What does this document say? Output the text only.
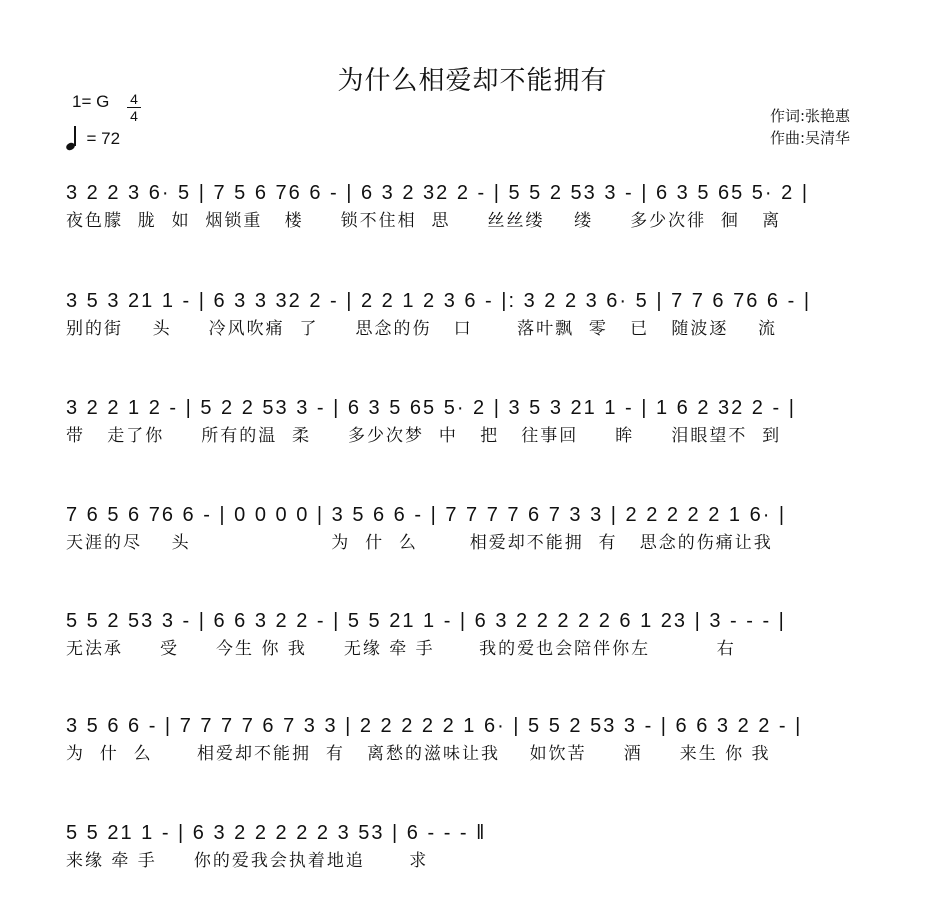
为什么相爱却不能拥有
1= G 4
4
= 72
作词:张艳惠
作曲:吴清华
3 2 2 3 6· 5 | 7 5 6 76 6 - | 6 3 2 32 2 - | 5 5 2 53 3 - | 6 3 5 65 5· 2 |
夜色朦  胧  如  烟锁重   楼     锁不住相  思     丝丝缕    缕     多少次徘  徊   离
3 5 3 21 1 - | 6 3 3 32 2 - | 2 2 1 2 3 6 - |: 3 2 2 3 6· 5 | 7 7 6 76 6 - |
别的街    头     冷风吹痛  了     思念的伤   口      落叶飘  零   已   随波逐    流
3 2 2 1 2 - | 5 2 2 53 3 - | 6 3 5 65 5· 2 | 3 5 3 21 1 - | 1 6 2 32 2 - |
带   走了你     所有的温  柔     多少次梦  中   把   往事回     眸     泪眼望不  到
7 6 5 6 76 6 - | 0 0 0 0 | 3 5 6 6 - | 7 7 7 7 6 7 3 3 | 2 2 2 2 2 1 6· |
天涯的尽    头                   为  什  么       相爱却不能拥  有   思念的伤痛让我
5 5 2 53 3 - | 6 6 3 2 2 - | 5 5 21 1 - | 6 3 2 2 2 2 2 6 1 23 | 3 - - - |
无法承     受     今生 你 我     无缘 牵 手      我的爱也会陪伴你左         右
3 5 6 6 - | 7 7 7 7 6 7 3 3 | 2 2 2 2 2 1 6· | 5 5 2 53 3 - | 6 6 3 2 2 - |
为  什  么      相爱却不能拥  有   离愁的滋味让我    如饮苦     酒     来生 你 我
5 5 21 1 - | 6 3 2 2 2 2 2 3 53 | 6 - - - ‖
来缘 牵 手     你的爱我会执着地追      求
